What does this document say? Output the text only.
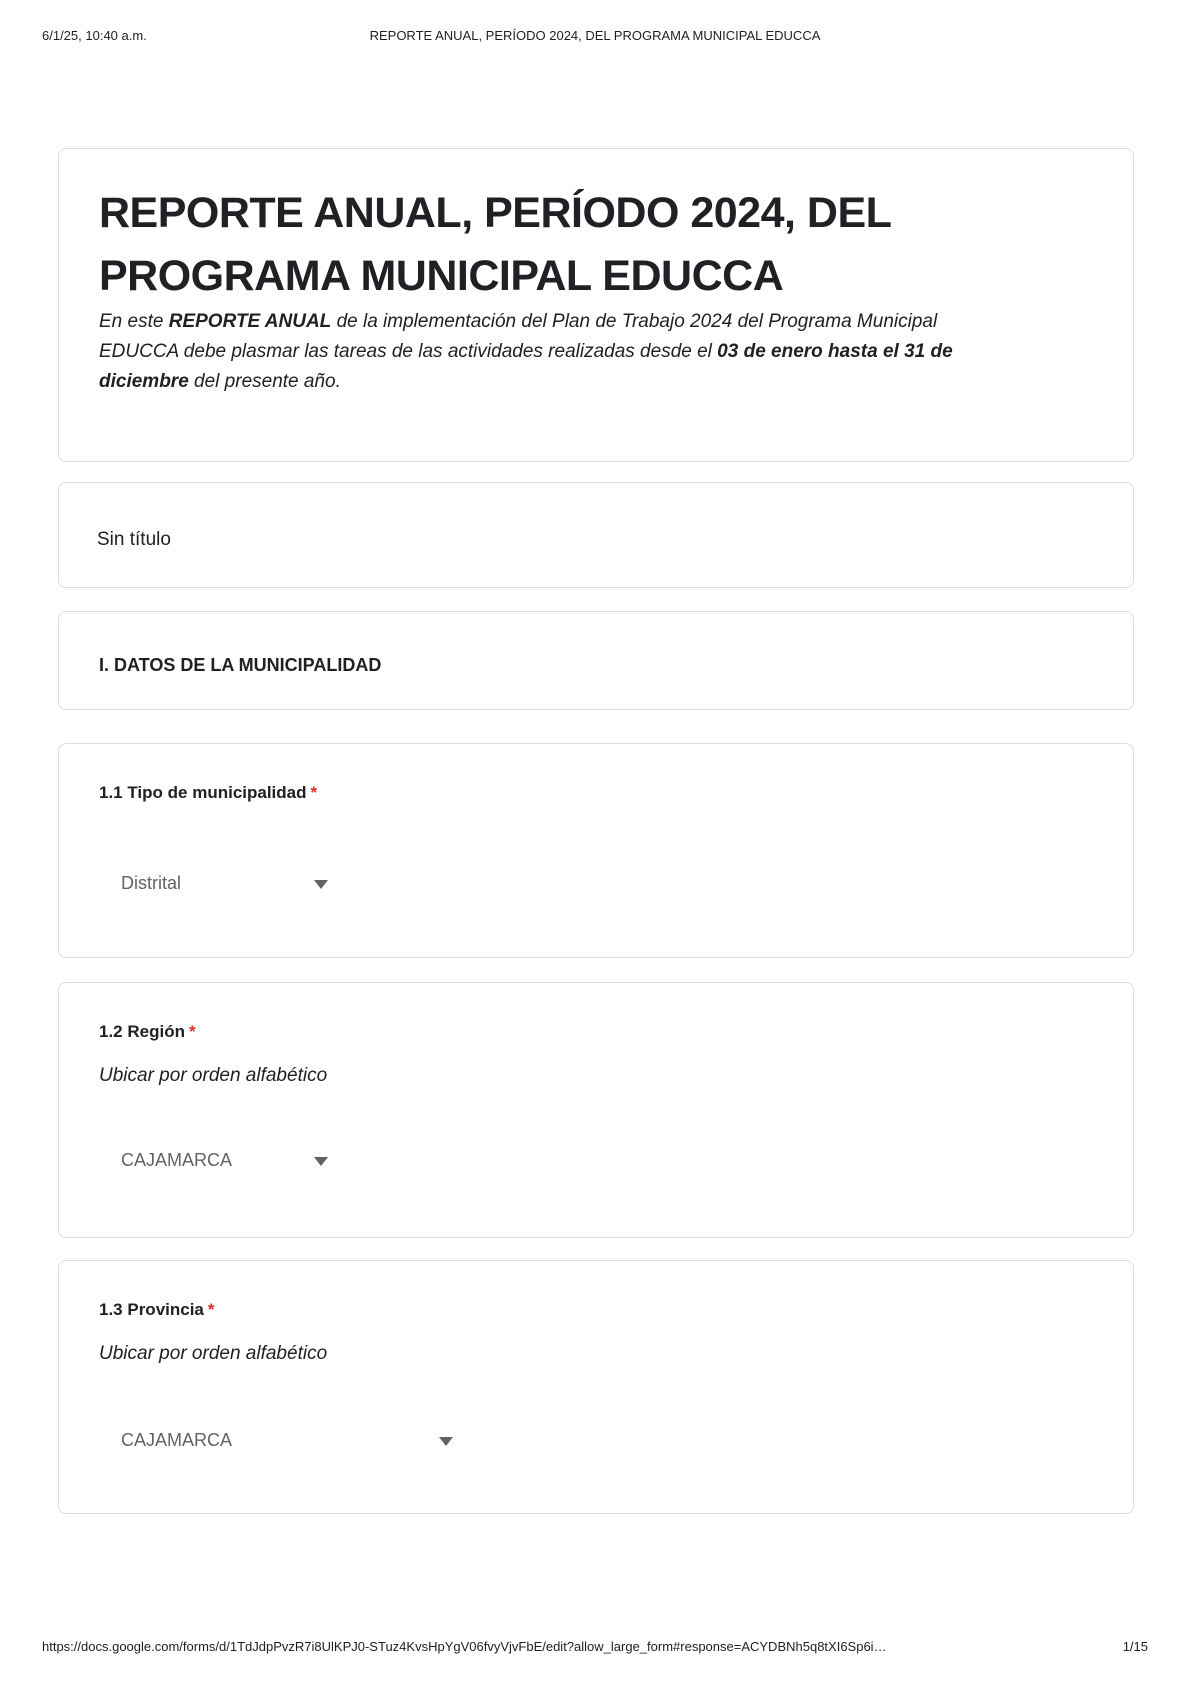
6/1/25, 10:40 a.m.	REPORTE ANUAL, PERÍODO 2024, DEL PROGRAMA MUNICIPAL EDUCCA
REPORTE ANUAL, PERÍODO 2024, DEL PROGRAMA MUNICIPAL EDUCCA
En este REPORTE ANUAL de la implementación del Plan de Trabajo 2024 del Programa Municipal
EDUCCA debe plasmar las tareas de las actividades realizadas desde el 03 de enero hasta el 31 de
diciembre del presente año.
Sin título
I. DATOS DE LA MUNICIPALIDAD
1.1 Tipo de municipalidad *
Distrital
1.2 Región *
Ubicar por orden alfabético
CAJAMARCA
1.3 Provincia *
Ubicar por orden alfabético
CAJAMARCA
https://docs.google.com/forms/d/1TdJdpPvzR7i8UlKPJ0-STuz4KvsHpYgV06fvyVjvFbE/edit?allow_large_form#response=ACYDBNh5q8tXI6Sp6i…	1/15
